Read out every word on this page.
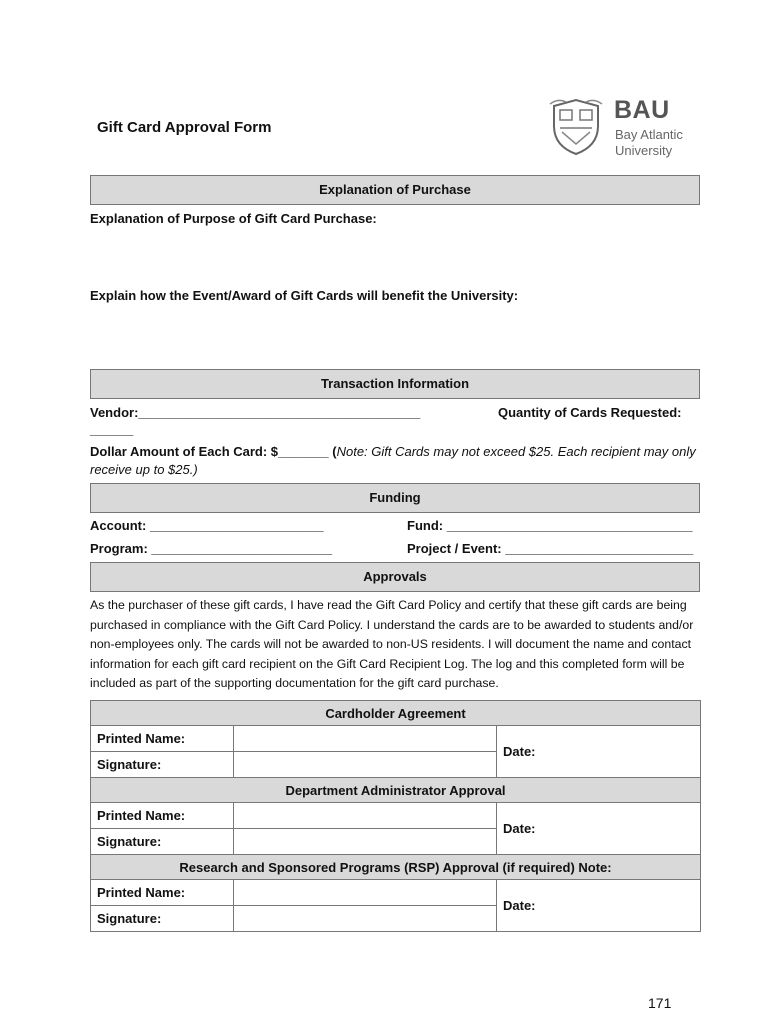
Gift Card Approval Form
BAU
Bay Atlantic
University
Explanation of Purchase
Explanation of Purpose of Gift Card Purchase:
Explain how the Event/Award of Gift Cards will benefit the University:
Transaction Information
Vendor:_______________________________________	Quantity of Cards Requested:
______
Dollar Amount of Each Card: $_______ (Note: Gift Cards may not exceed $25. Each recipient may only
receive up to $25.)
Funding
Account: ________________________	Fund: __________________________________
Program: _________________________	Project / Event: __________________________
Approvals
As the purchaser of these gift cards, I have read the Gift Card Policy and certify that these gift cards are being purchased in compliance with the Gift Card Policy. I understand the cards are to be awarded to students and/or non-employees only. The cards will not be awarded to non-US residents. I will document the name and contact information for each gift card recipient on the Gift Card Recipient Log. The log and this completed form will be included as part of the supporting documentation for the gift card purchase.
Cardholder Agreement		
Printed Name:		Date:
Signature:		
Department Administrator Approval		
Printed Name:		Date:
Signature:		
Research and Sponsored Programs (RSP) Approval (if required) Note:		
Printed Name:		Date:
Signature:		
171
